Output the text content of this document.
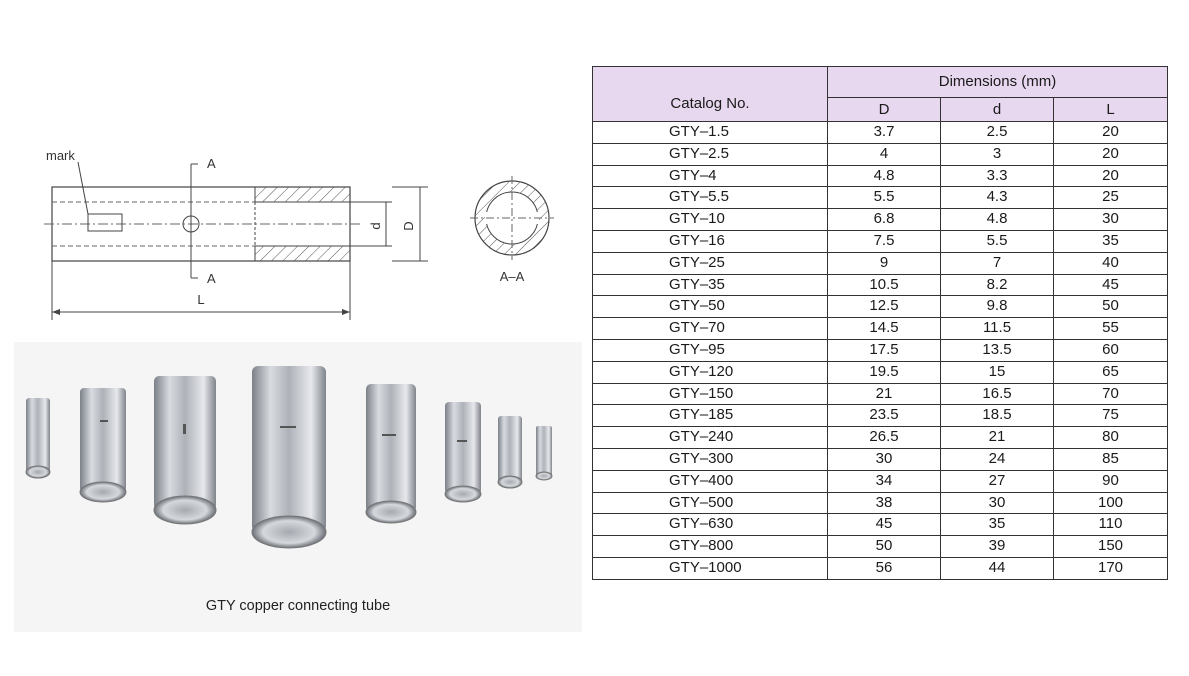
mark
A
A
L
d D
A–A
GTY copper connecting tube
Catalog No.	Dimensions (mm)		
	D	d	L
GTY–1.5	3.7	2.5	20
GTY–2.5	4	3	20
GTY–4	4.8	3.3	20
GTY–5.5	5.5	4.3	25
GTY–10	6.8	4.8	30
GTY–16	7.5	5.5	35
GTY–25	9	7	40
GTY–35	10.5	8.2	45
GTY–50	12.5	9.8	50
GTY–70	14.5	11.5	55
GTY–95	17.5	13.5	60
GTY–120	19.5	15	65
GTY–150	21	16.5	70
GTY–185	23.5	18.5	75
GTY–240	26.5	21	80
GTY–300	30	24	85
GTY–400	34	27	90
GTY–500	38	30	100
GTY–630	45	35	110
GTY–800	50	39	150
GTY–1000	56	44	170
